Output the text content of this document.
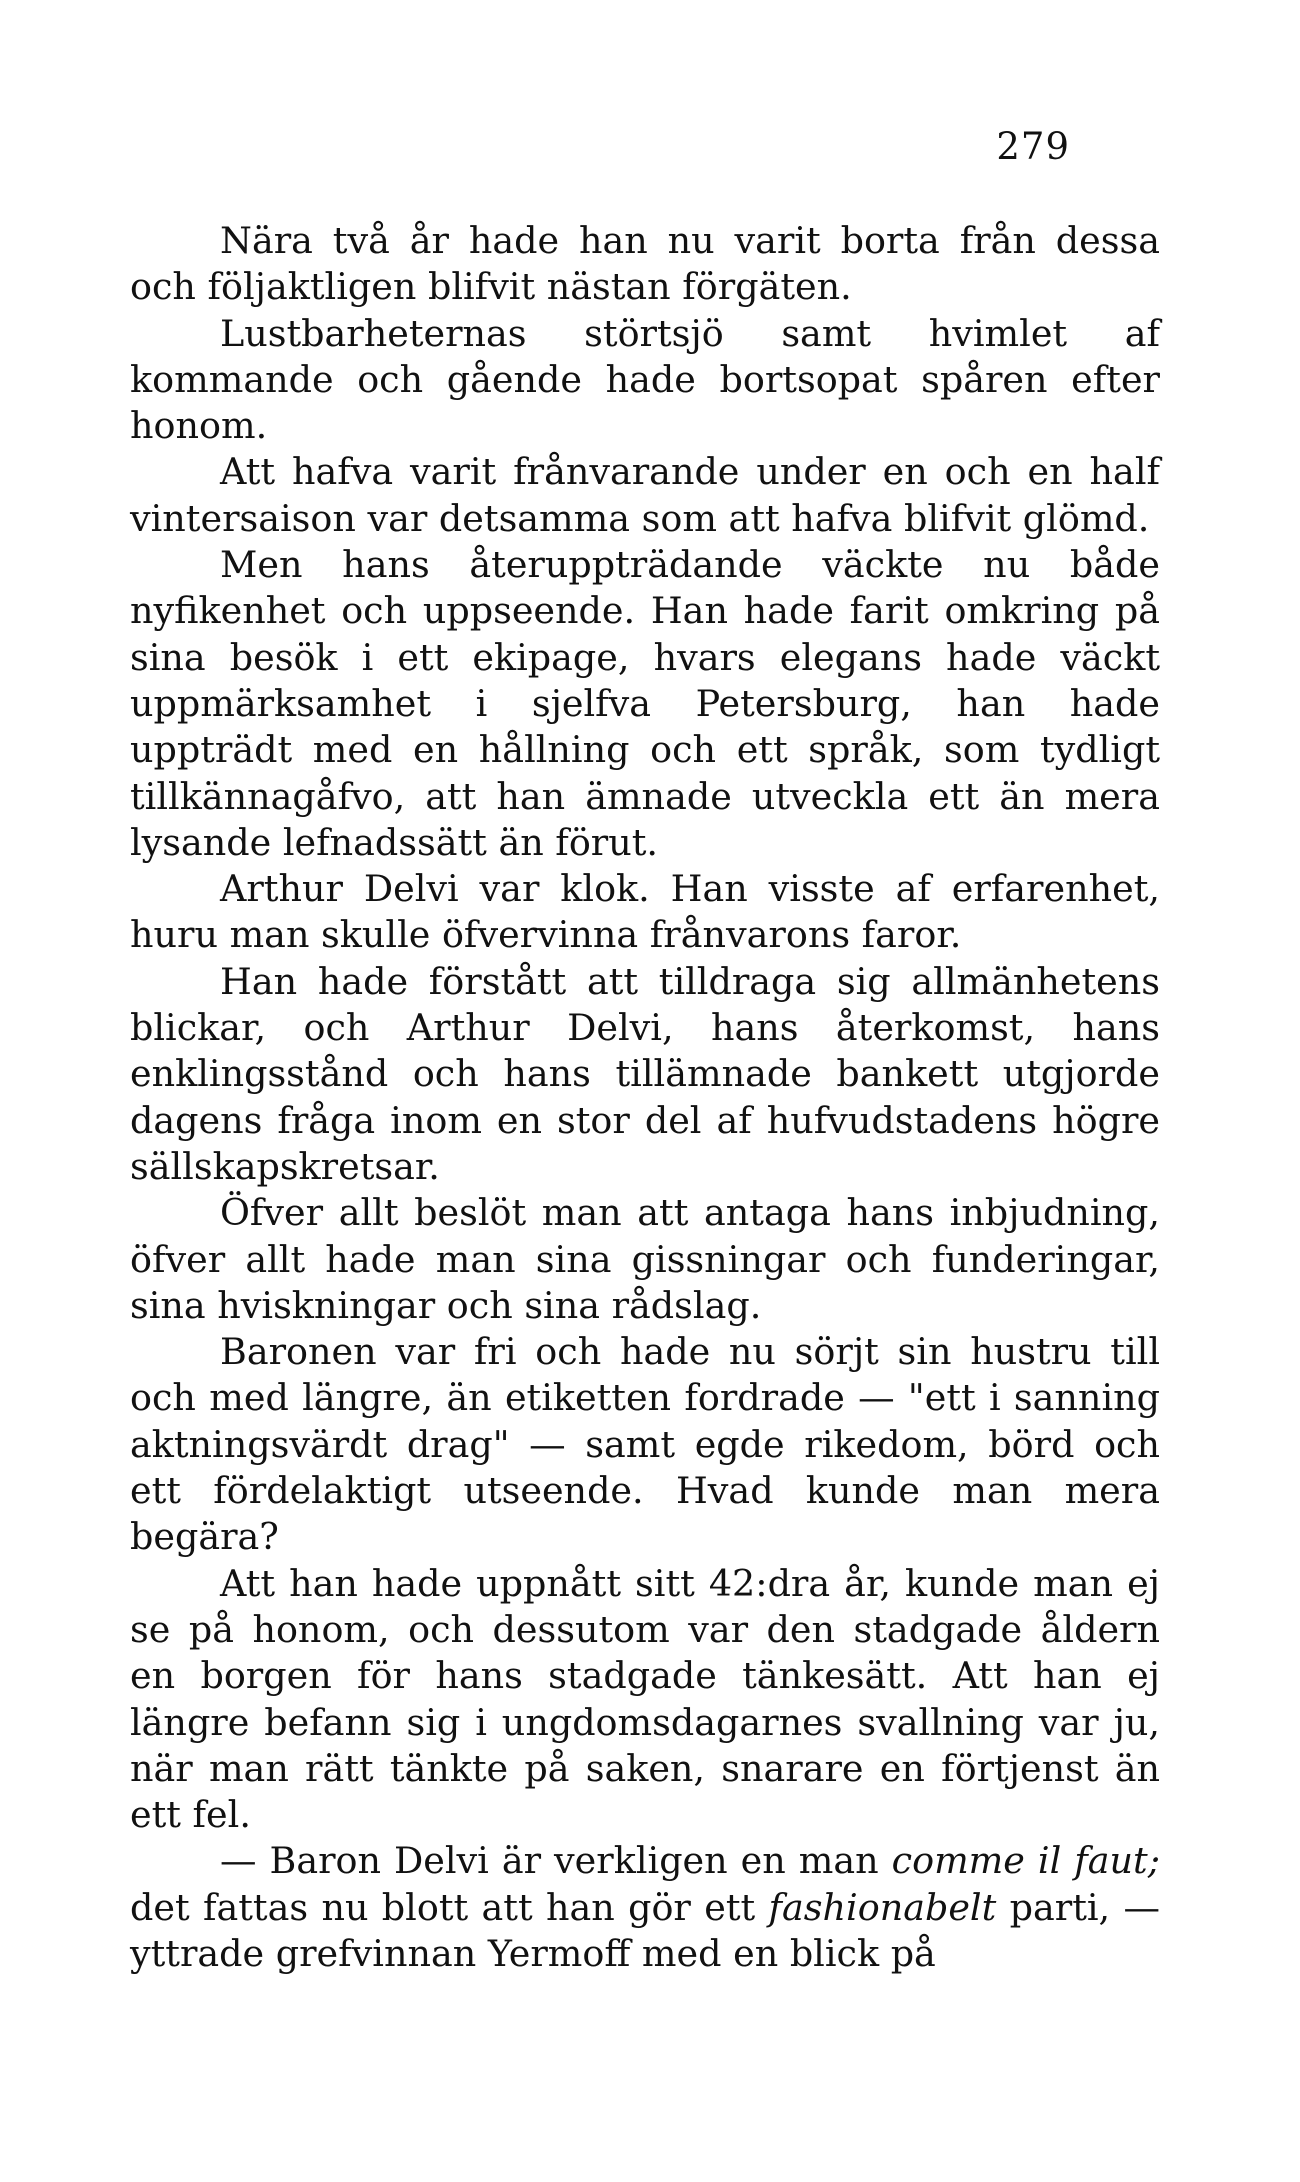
279

Nära två år hade han nu varit borta från dessa och följaktligen blifvit nästan förgäten.

Lustbarheternas störtsjö samt hvimlet af kommande och gående hade bortsopat spåren efter honom.

Att hafva varit frånvarande under en och en half vintersaison var detsamma som att hafva blifvit glömd.

Men hans återuppträdande väckte nu både nyfikenhet och uppseende. Han hade farit omkring på sina besök i ett ekipage, hvars elegans hade väckt uppmärksamhet i sjelfva Petersburg, han hade uppträdt med en hållning och ett språk, som tydligt tillkännagåfvo, att han ämnade utveckla ett än mera lysande lefnadssätt än förut.

Arthur Delvi var klok. Han visste af erfarenhet, huru man skulle öfvervinna frånvarons faror.

Han hade förstått att tilldraga sig allmänhetens blickar, och Arthur Delvi, hans återkomst, hans enklingsstånd och hans tillämnade bankett utgjorde dagens fråga inom en stor del af hufvudstadens högre sällskapskretsar.

Öfver allt beslöt man att antaga hans inbjudning, öfver allt hade man sina gissningar och funderingar, sina hviskningar och sina rådslag.

Baronen var fri och hade nu sörjt sin hustru till och med längre, än etiketten fordrade — "ett i sanning aktningsvärdt drag" — samt egde rikedom, börd och ett fördelaktigt utseende. Hvad kunde man mera begära?

Att han hade uppnått sitt 42:dra år, kunde man ej se på honom, och dessutom var den stadgade åldern en borgen för hans stadgade tänkesätt. Att han ej längre befann sig i ungdomsdagarnes svallning var ju, när man rätt tänkte på saken, snarare en förtjenst än ett fel.

— Baron Delvi är verkligen en man comme il faut; det fattas nu blott att han gör ett fashionabelt parti, — yttrade grefvinnan Yermoff med en blick på
